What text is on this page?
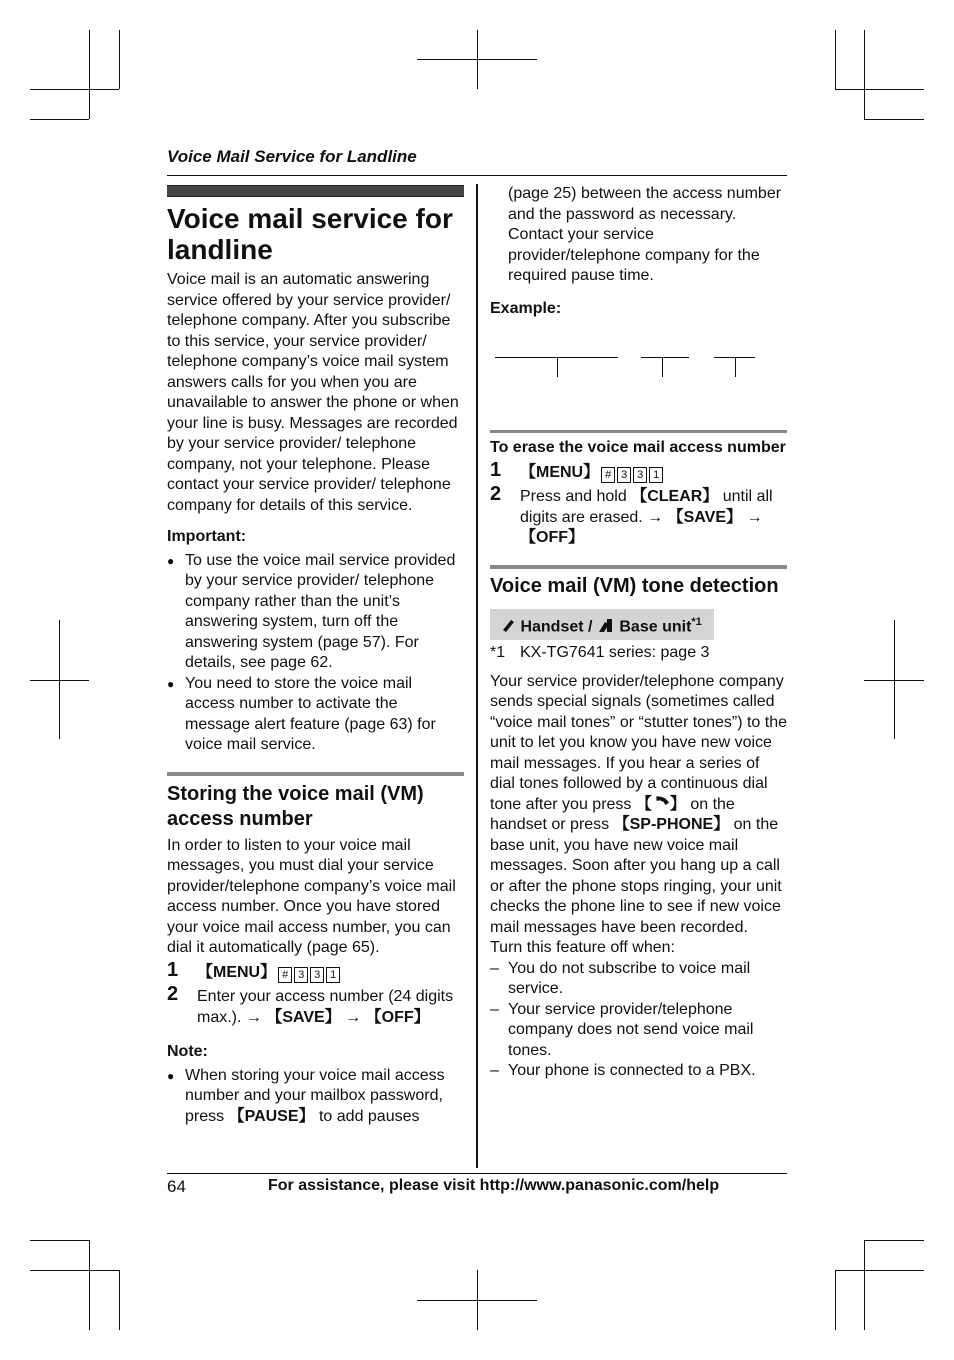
Voice Mail Service for Landline
Voice mail service for landline

Voice mail is an automatic answering service offered by your service provider/ telephone company. After you subscribe to this service, your service provider/ telephone company’s voice mail system answers calls for you when you are unavailable to answer the phone or when your line is busy. Messages are recorded by your service provider/ telephone company, not your telephone. Please contact your service provider/ telephone company for details of this service.

Important:

● To use the voice mail service provided by your service provider/ telephone company rather than the unit’s answering system, turn off the answering system (page 57). For details, see page 62.
● You need to store the voice mail access number to activate the message alert feature (page 63) for voice mail service.
Storing the voice mail (VM) access number

In order to listen to your voice mail messages, you must dial your service provider/telephone company’s voice mail access number. Once you have stored your voice mail access number, you can dial it automatically (page 65).

1 【MENU】 # 3 3 1

2 Enter your access number (24 digits max.). → 【SAVE】 → 【OFF】

Note:

● When storing your voice mail access number and your mailbox password, press 【PAUSE】 to add pauses

(page 25) between the access number and the password as necessary. Contact your service provider/telephone company for the required pause time.

Example:

To erase the voice mail access number

1 【MENU】 # 3 3 1

2 Press and hold 【CLEAR】 until all digits are erased. → 【SAVE】 → 【OFF】

Voice mail (VM) tone detection
Handset /  Base unit$^{*1}$

*1 KX-TG7641 series: page 3

Your service provider/telephone company sends special signals (sometimes called “voice mail tones” or “stutter tones”) to the unit to let you know you have new voice mail messages. If you hear a series of dial tones followed by a continuous dial tone after you press 【 】 on the handset or press 【SP-PHONE】 on the base unit, you have new voice mail messages. Soon after you hang up a call or after the phone stops ringing, your unit checks the phone line to see if new voice mail messages have been recorded.

Turn this feature off when:

– You do not subscribe to voice mail service.
– Your service provider/telephone company does not send voice mail tones.
– Your phone is connected to a PBX.
64	For assistance, please visit http://www.panasonic.com/help
